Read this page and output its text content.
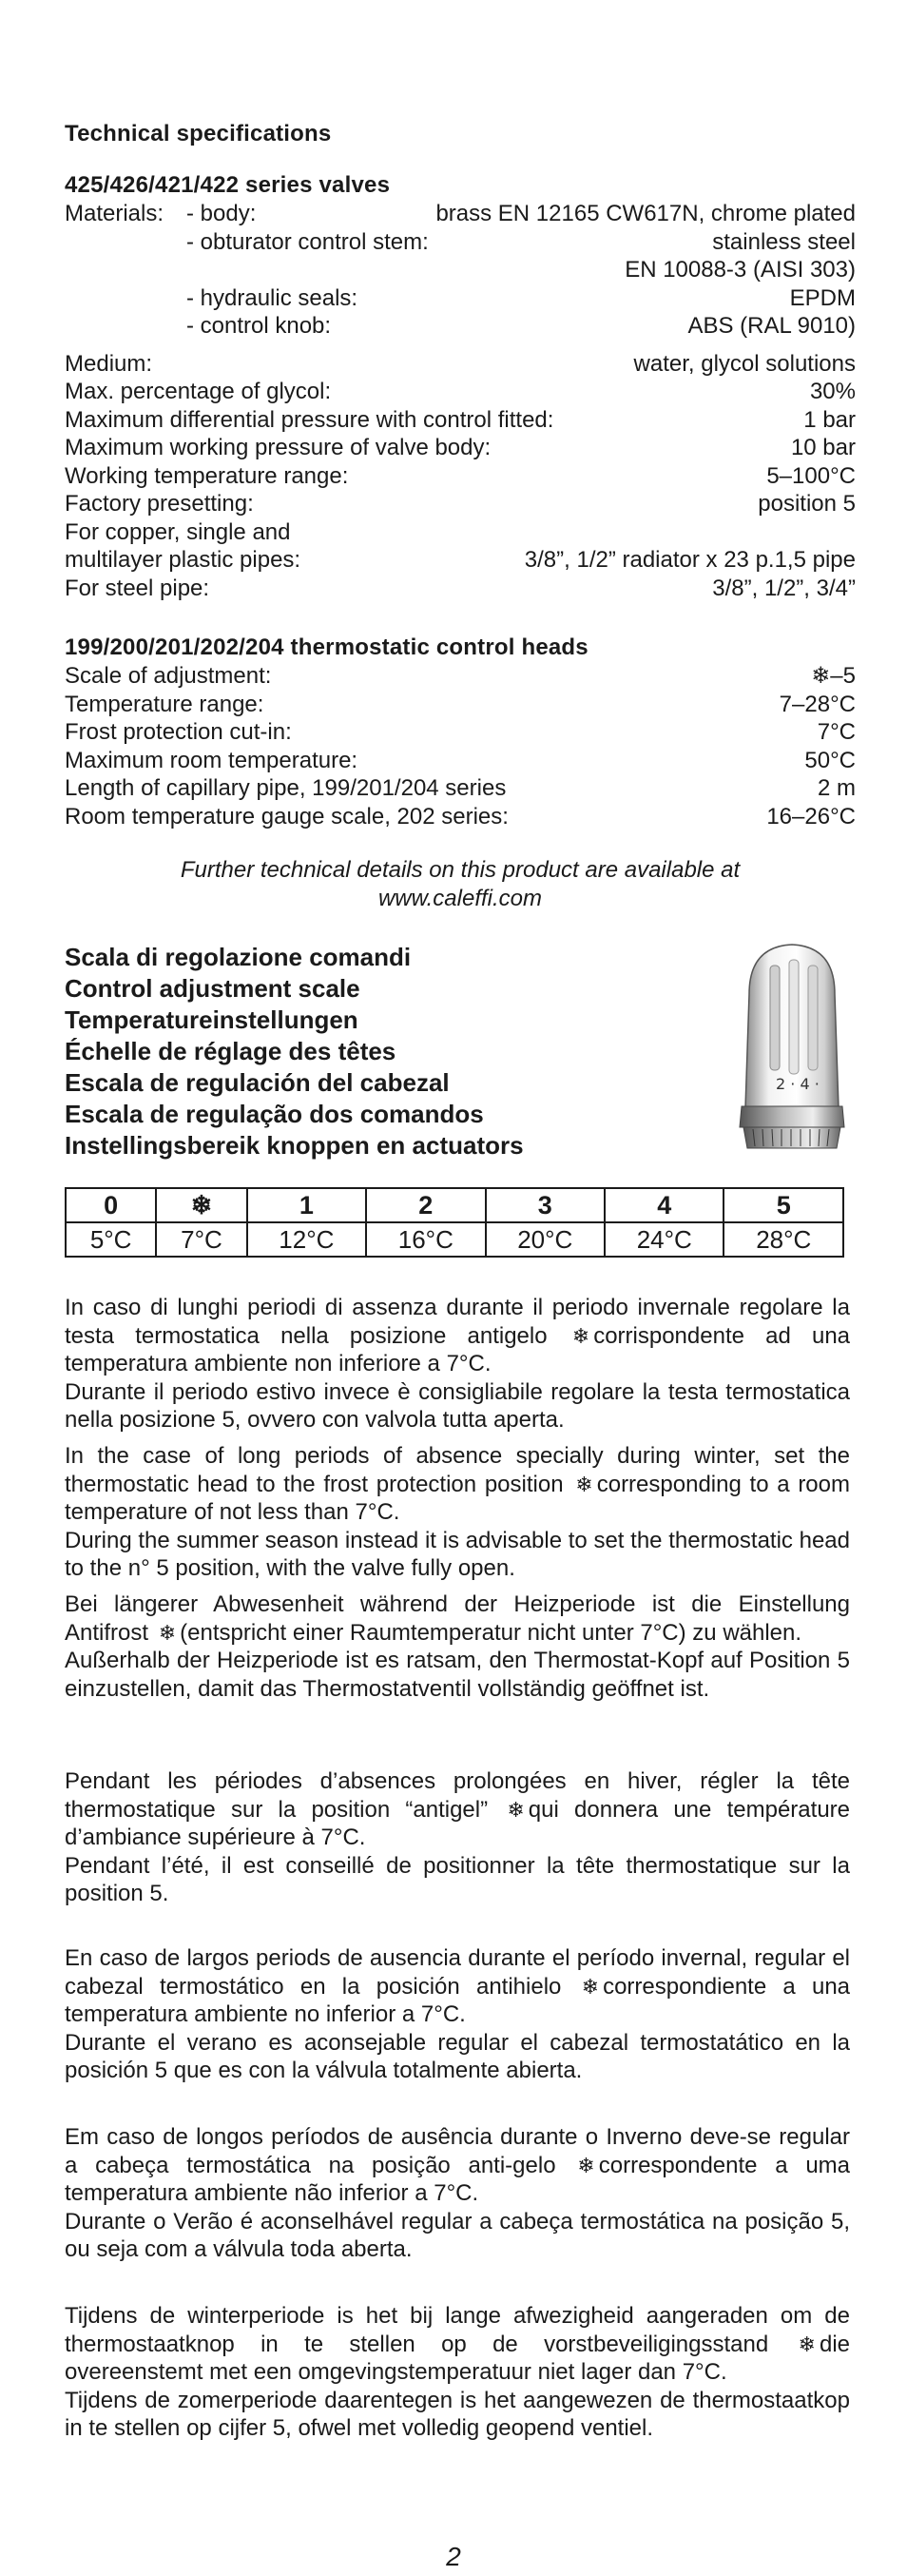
Technical specifications
425/426/421/422 series valves
Materials: - body:	brass EN 12165 CW617N, chrome plated
- obturator control stem:	stainless steel
EN 10088-3 (AISI 303)
- hydraulic seals:	EPDM
- control knob:	ABS (RAL 9010)
Medium:	water, glycol solutions
Max. percentage of glycol:	30%
Maximum differential pressure with control fitted:	1 bar
Maximum working pressure of valve body:	10 bar
Working temperature range:	5–100°C
Factory presetting:	position 5
For copper, single and
multilayer plastic pipes:	3/8”, 1/2” radiator x 23 p.1,5 pipe
For steel pipe:	3/8”, 1/2”, 3/4”
199/200/201/202/204 thermostatic control heads
Scale of adjustment:	❄–5
Temperature range:	7–28°C
Frost protection cut-in:	7°C
Maximum room temperature:	50°C
Length of capillary pipe, 199/201/204 series	2 m
Room temperature gauge scale, 202 series:	16–26°C
Further technical details on this product are available at
www.caleffi.com
Scala di regolazione comandi
Control adjustment scale
Temperatureinstellungen
Échelle de réglage des têtes
Escala de regulación del cabezal
Escala de regulação dos comandos
Instellingsbereik knoppen en actuators
2 · 4 ·
0	❄	1	2	3	4	5
5°C	7°C	12°C	16°C	20°C	24°C	28°C

In caso di lunghi periodi di assenza durante il periodo invernale regolare la testa termostatica nella posizione antigelo ❄ corrispondente ad una temperatura ambiente non inferiore a 7°C.

Durante il periodo estivo invece è consigliabile regolare la testa termostatica nella posizione 5, ovvero con valvola tutta aperta.

In the case of long periods of absence specially during winter, set the thermostatic head to the frost protection position ❄ corresponding to a room temperature of not less than 7°C.

During the summer season instead it is advisable to set the thermostatic head to the n° 5 position, with the valve fully open.

Bei längerer Abwesenheit während der Heizperiode ist die Einstellung Antifrost ❄ (entspricht einer Raumtemperatur nicht unter 7°C) zu wählen.

Außerhalb der Heizperiode ist es ratsam, den Thermostat-Kopf auf Position 5 einzustellen, damit das Thermostatventil vollständig geöffnet ist.

Pendant les périodes d’absences prolongées en hiver, régler la tête thermostatique sur la position “antigel” ❄ qui donnera une température d’ambiance supérieure à 7°C.

Pendant l’été, il est conseillé de positionner la tête thermostatique sur la position 5.

En caso de largos periods de ausencia durante el período invernal, regular el cabezal termostático en la posición antihielo ❄ correspondiente a una temperatura ambiente no inferior a 7°C.

Durante el verano es aconsejable regular el cabezal termostatático en la posición 5 que es con la válvula totalmente abierta.

Em caso de longos períodos de ausência durante o Inverno deve-se regular a cabeça termostática na posição anti-gelo ❄ correspondente a uma temperatura ambiente não inferior a 7°C.

Durante o Verão é aconselhável regular a cabeça termostática na posição 5, ou seja com a válvula toda aberta.

Tijdens de winterperiode is het bij lange afwezigheid aangeraden om de thermostaatknop in te stellen op de vorstbeveiligingsstand ❄ die overeenstemt met een omgevingstemperatuur niet lager dan 7°C.

Tijdens de zomerperiode daarentegen is het aangewezen de thermostaatkop in te stellen op cijfer 5, ofwel met volledig geopend ventiel.

2
